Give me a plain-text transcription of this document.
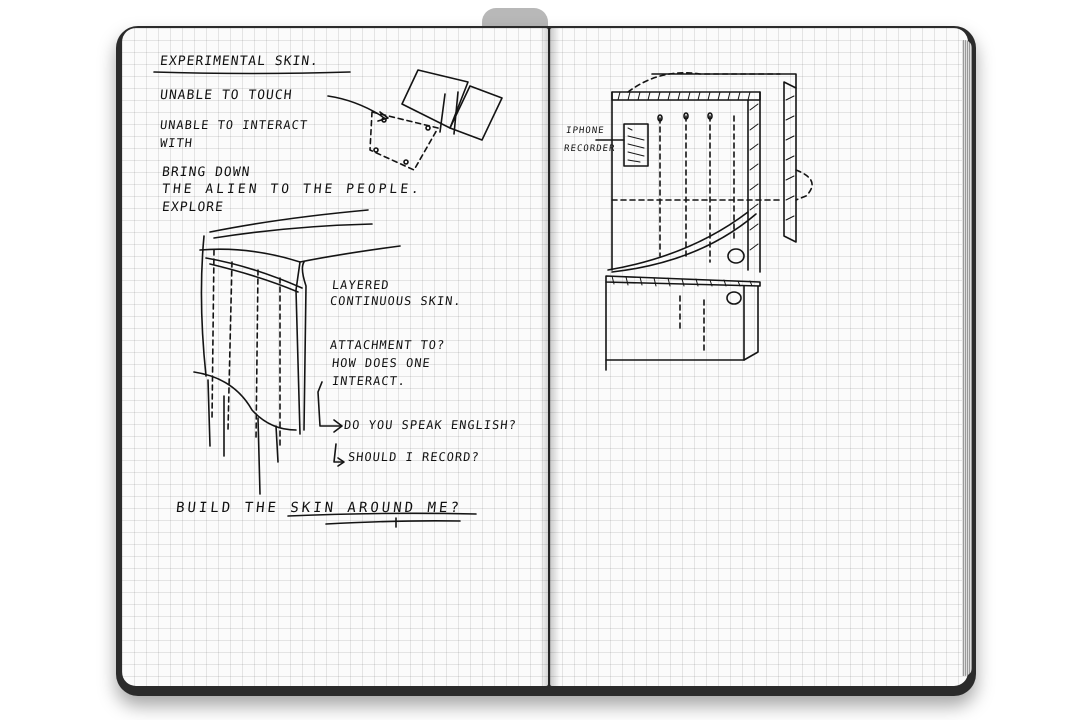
EXPERIMENTAL SKIN.

UNABLE TO TOUCH

UNABLE TO INTERACT

WITH

BRING DOWN

THE ALIEN TO THE PEOPLE.

EXPLORE

LAYERED

CONTINUOUS SKIN.

ATTACHMENT TO?

HOW DOES ONE

INTERACT.

DO YOU SPEAK ENGLISH?

SHOULD I RECORD?

BUILD THE SKIN AROUND ME?

IPHONE

RECORDER
